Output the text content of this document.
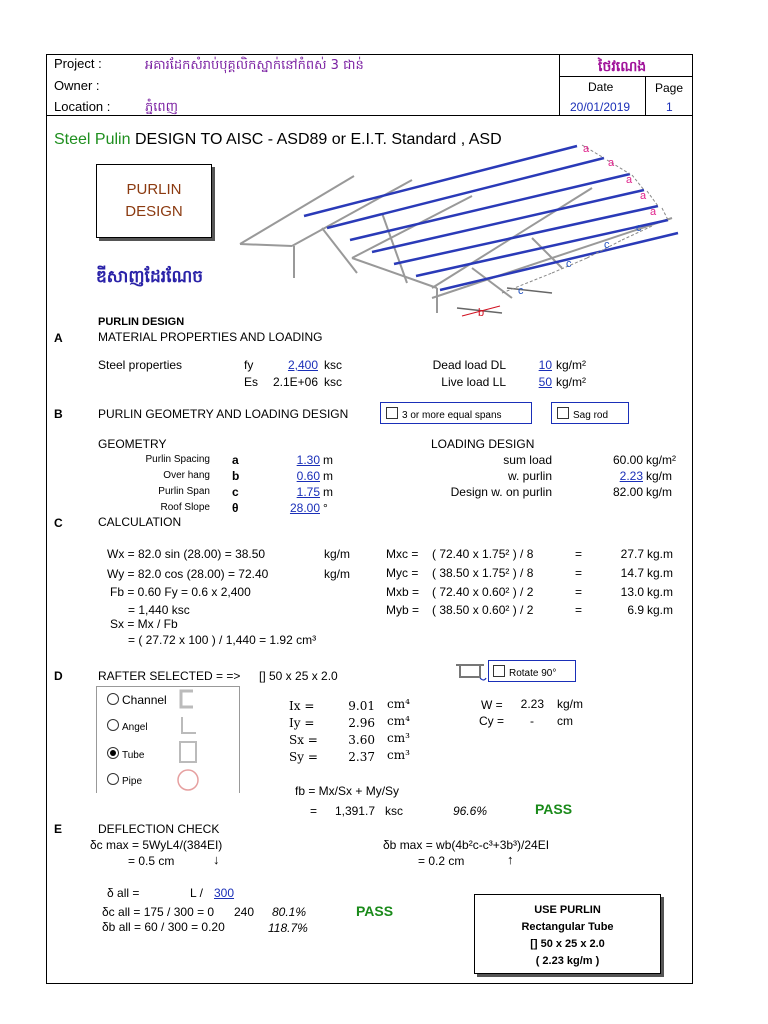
Project :	អគារដែកសំរាប់បុគ្គលិកស្នាក់នៅកំពស់ 3 ជាន់
Owner :
Location :	ភ្នំពេញ
ថៃវណេង
Date	Page
20/01/2019	1
Steel Pulin DESIGN TO AISC - ASD89 or E.I.T. Standard , ASD
PURLIN
DESIGN
ឌីសាញដែរណែច
a
a
a
a
a
c
c
c
c
b
PURLIN DESIGN
A	MATERIAL PROPERTIES AND LOADING
Steel properties	fy	2,400 ksc
Es	2.1E+06 ksc
Dead load DL	10 kg/m²
Live load LL	50 kg/m²
B	PURLIN GEOMETRY AND LOADING DESIGN	3 or more equal spans	Sag rod
GEOMETRY	LOADING DESIGN
Purlin Spacing a	1.30 m
Over hang b	0.60 m
Purlin Span c	1.75 m
Roof Slope θ	28.00 °
sum load	60.00 kg/m²
w. purlin	2.23 kg/m
Design w. on purlin	82.00 kg/m
C	CALCULATION
Wx = 82.0 sin (28.00) = 38.50	kg/m
Wy = 82.0 cos (28.00) = 72.40	kg/m
Fb = 0.60 Fy = 0.6 x 2,400
= 1,440 ksc
Sx = Mx / Fb
= ( 27.72 x 100 ) / 1,440 = 1.92 cm³
Mxc = ( 72.40 x 1.75² ) / 8	=	27.7 kg.m
Myc = ( 38.50 x 1.75² ) / 8	=	14.7 kg.m
Mxb = ( 72.40 x 0.60² ) / 2	=	13.0 kg.m
Myb = ( 38.50 x 0.60² ) / 2	=	6.9 kg.m
D	RAFTER SELECTED = => [] 50 x 25 x 2.0	Rotate 90°
Channel
Angel
Tube
Pipe
Ix =	9.01 cm⁴
Iy =	2.96 cm⁴
Sx =	3.60 cm³
Sy =	2.37 cm³
W =	2.23 kg/m
Cy =	- cm
fb = Mx/Sx + My/Sy
=	1,391.7 ksc	96.6%	PASS
E	DEFLECTION CHECK
δc max = 5WyL4/(384EI)
= 0.5 cm	↓
δb max = wb(4b²c-c³+3b³)/24EI
= 0.2 cm	↑
δ all =	L / 300
δc all = 175 / 300 = 0 240 80.1%	PASS
δb all = 60 / 300 = 0.20	118.7%
USE PURLIN
Rectangular Tube
[] 50 x 25 x 2.0
( 2.23 kg/m )
